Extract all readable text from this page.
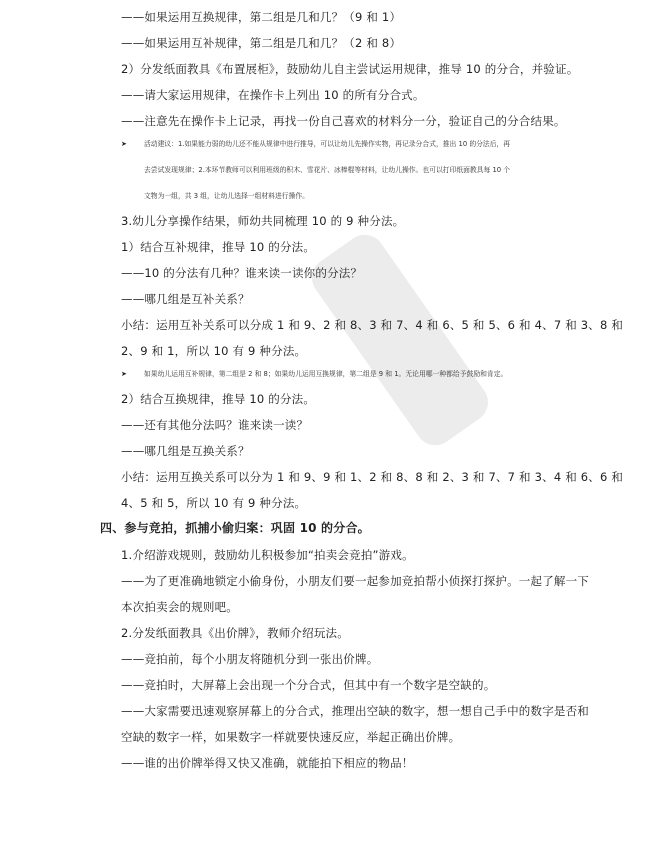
——如果运用互换规律，第二组是几和几？（9 和 1）
——如果运用互补规律，第二组是几和几？（2 和 8）
2）分发纸面教具《布置展柜》，鼓励幼儿自主尝试运用规律，推导 10 的分合，并验证。
——请大家运用规律，在操作卡上列出 10 的所有分合式。
——注意先在操作卡上记录，再找一份自己喜欢的材料分一分，验证自己的分合结果。
➤	活动建议：1.如果能力弱的幼儿还不能从规律中进行推导，可以让幼儿先操作实物，再记录分合式，推出 10 的分法后，再
去尝试发现规律；2.本环节教师可以利用班级的积木、雪花片、冰棒棍等材料，让幼儿操作。也可以打印纸面教具每 10 个
文物为一组，共 3 组，让幼儿选择一组材料进行操作。
3.幼儿分享操作结果，师幼共同梳理 10 的 9 种分法。
1）结合互补规律，推导 10 的分法。
——10 的分法有几种？谁来读一读你的分法？
——哪几组是互补关系？
小结：运用互补关系可以分成 1 和 9、2 和 8、3 和 7、4 和 6、5 和 5、6 和 4、7 和 3、8 和
2、9 和 1，所以 10 有 9 种分法。
➤	如果幼儿运用互补规律，第二组是 2 和 8；如果幼儿运用互换规律，第二组是 9 和 1。无论用哪一种都给予鼓励和肯定。
2）结合互换规律，推导 10 的分法。
——还有其他分法吗？谁来读一读？
——哪几组是互换关系？
小结：运用互换关系可以分为 1 和 9、9 和 1、2 和 8、8 和 2、3 和 7、7 和 3、4 和 6、6 和
4、5 和 5，所以 10 有 9 种分法。
四、参与竞拍，抓捕小偷归案：巩固 10 的分合。
1.介绍游戏规则，鼓励幼儿积极参加“拍卖会竞拍”游戏。
——为了更准确地锁定小偷身份，小朋友们要一起参加竞拍帮小侦探打探护。一起了解一下
本次拍卖会的规则吧。
2.分发纸面教具《出价牌》，教师介绍玩法。
——竞拍前，每个小朋友将随机分到一张出价牌。
——竞拍时，大屏幕上会出现一个分合式，但其中有一个数字是空缺的。
——大家需要迅速观察屏幕上的分合式，推理出空缺的数字，想一想自己手中的数字是否和
空缺的数字一样，如果数字一样就要快速反应，举起正确出价牌。
——谁的出价牌举得又快又准确，就能拍下相应的物品！
